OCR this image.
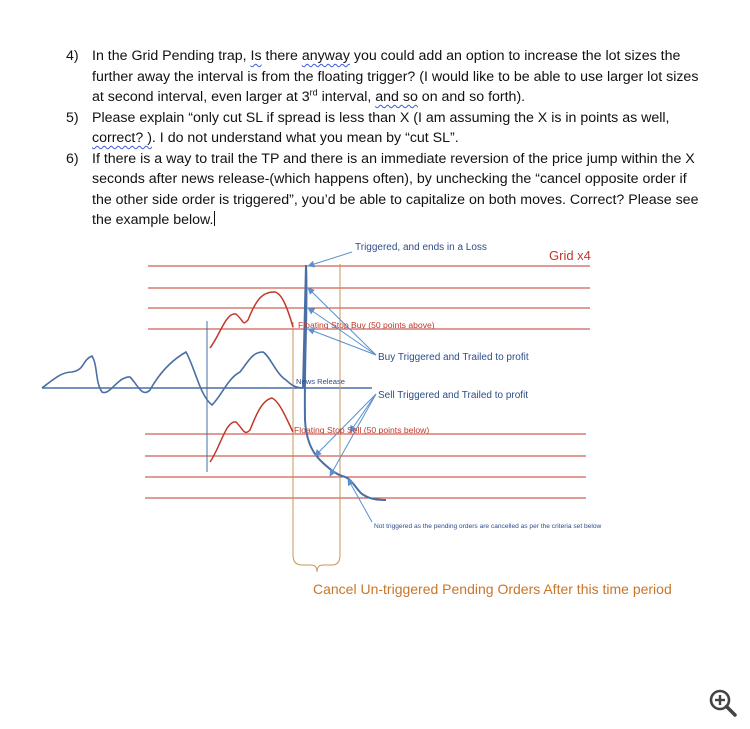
4) In the Grid Pending trap, Is there anyway you could add an option to increase the lot sizes the further away the interval is from the floating trigger? (I would like to be able to use larger lot sizes at second interval, even larger at 3rd interval, and so on and so forth).
5) Please explain “only cut SL if spread is less than X (I am assuming the X is in points as well, correct? ). I do not understand what you mean by “cut SL”.
6) If there is a way to trail the TP and there is an immediate reversion of the price jump within the X seconds after news release-(which happens often), by unchecking the “cancel opposite order if the other side order is triggered”, you’d be able to capitalize on both moves. Correct? Please see the example below.
Triggered, and ends in a Loss
Grid x4
Floating Stop Buy (50 points above)
Buy Triggered and Trailed to profit
News Release
Sell Triggered and Trailed to profit
Floating Stop Sell (50 points below)
Not triggered as the pending orders are cancelled as per the criteria set below
Cancel Un-triggered Pending Orders After this time period
